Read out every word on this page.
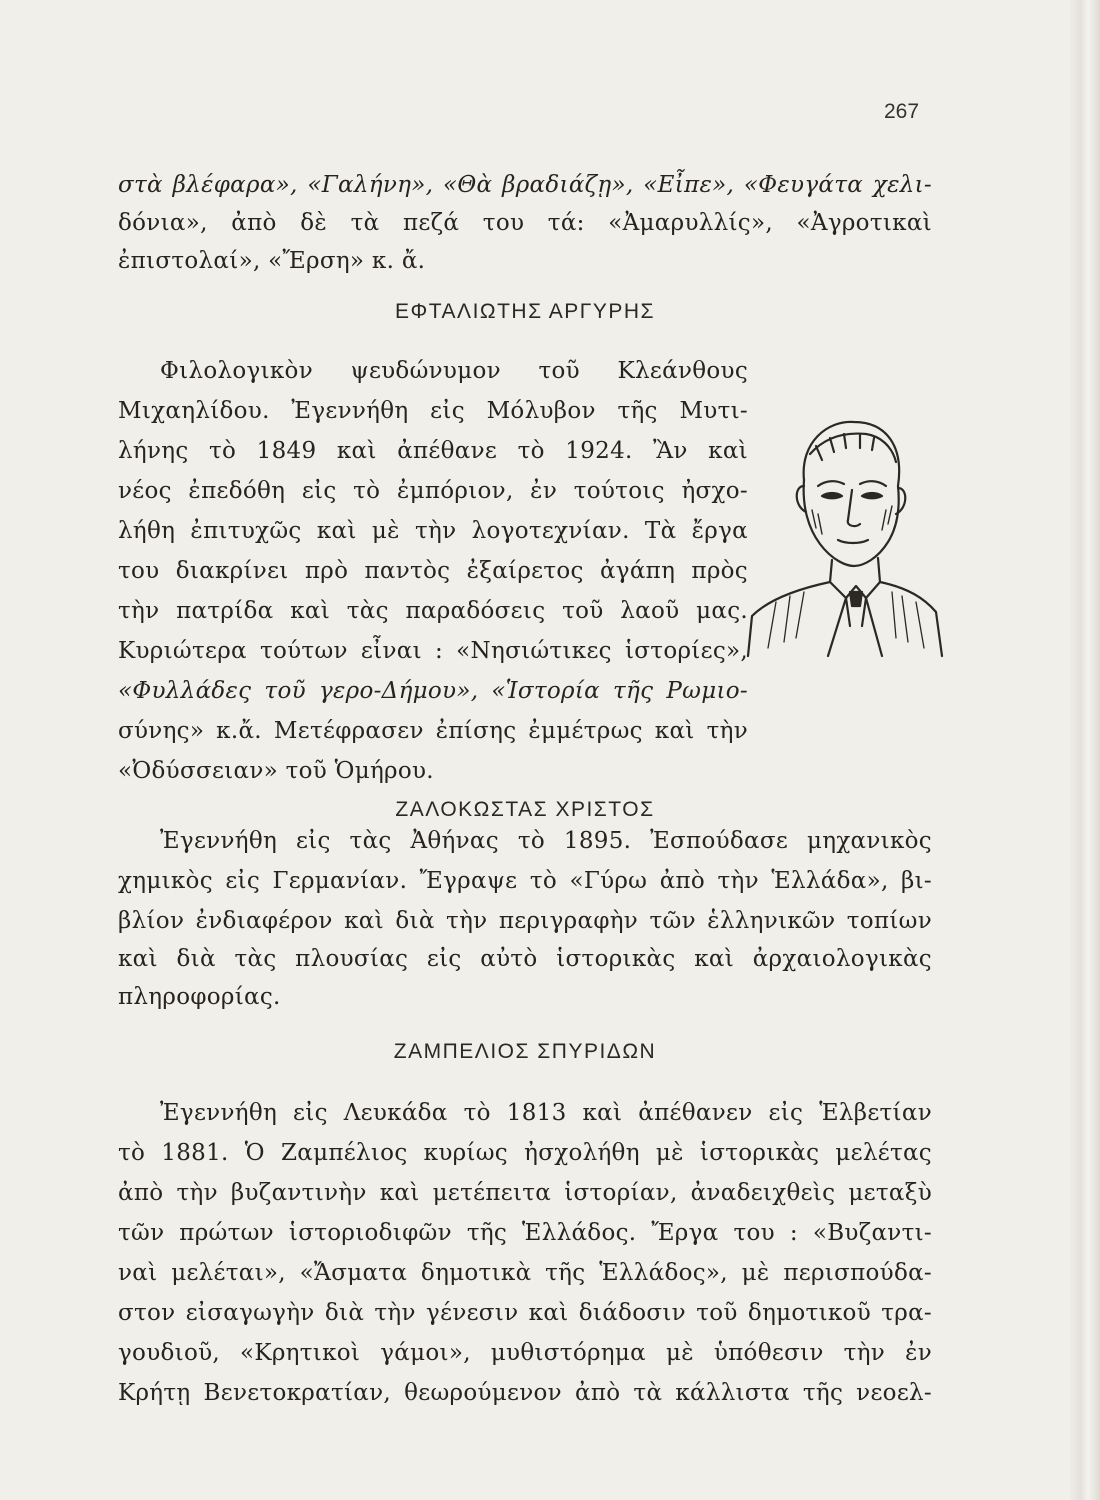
267
στὰ βλέφαρα», «Γαλήνη», «Θὰ βραδιάζῃ», «Εἶπε», «Φευγάτα χελι-
δόνια», ἀπὸ δὲ τὰ πεζά του τά: «Ἀμαρυλλίς», «Ἀγροτικαὶ
ἐπιστολαί», «Ἔρση» κ. ἄ.
ΕΦΤΑΛΙΩΤΗΣ ΑΡΓΥΡΗΣ
Φιλολογικὸν ψευδώνυμον τοῦ Κλεάνθους
Μιχαηλίδου. Ἐγεννήθη εἰς Μόλυβον τῆς Μυτι-
λήνης τὸ 1849 καὶ ἀπέθανε τὸ 1924. Ἂν καὶ
νέος ἐπεδόθη εἰς τὸ ἐμπόριον, ἐν τούτοις ἠσχο-
λήθη ἐπιτυχῶς καὶ μὲ τὴν λογοτεχνίαν. Τὰ ἔργα
του διακρίνει πρὸ παντὸς ἐξαίρετος ἀγάπη πρὸς
τὴν πατρίδα καὶ τὰς παραδόσεις τοῦ λαοῦ μας.
Κυριώτερα τούτων εἶναι : «Νησιώτικες ἱστορίες»,
«Φυλλάδες τοῦ γερο-Δήμου», «Ἱστορία τῆς Ρωμιο-
σύνης» κ.ἄ. Μετέφρασεν ἐπίσης ἐμμέτρως καὶ τὴν
«Ὀδύσσειαν» τοῦ Ὁμήρου.
ΖΑΛΟΚΩΣΤΑΣ ΧΡΙΣΤΟΣ
Ἐγεννήθη εἰς τὰς Ἀθήνας τὸ 1895. Ἐσπούδασε μηχανικὸς
χημικὸς εἰς Γερμανίαν. Ἔγραψε τὸ «Γύρω ἀπὸ τὴν Ἑλλάδα», βι-
βλίον ἐνδιαφέρον καὶ διὰ τὴν περιγραφὴν τῶν ἑλληνικῶν τοπίων
καὶ διὰ τὰς πλουσίας εἰς αὐτὸ ἱστορικὰς καὶ ἀρχαιολογικὰς
πληροφορίας.
ΖΑΜΠΕΛΙΟΣ ΣΠΥΡΙΔΩΝ
Ἐγεννήθη εἰς Λευκάδα τὸ 1813 καὶ ἀπέθανεν εἰς Ἑλβετίαν
τὸ 1881. Ὁ Ζαμπέλιος κυρίως ἠσχολήθη μὲ ἱστορικὰς μελέτας
ἀπὸ τὴν βυζαντινὴν καὶ μετέπειτα ἱστορίαν, ἀναδειχθεὶς μεταξὺ
τῶν πρώτων ἱστοριοδιφῶν τῆς Ἑλλάδος. Ἔργα του : «Βυζαντι-
ναὶ μελέται», «Ἄσματα δημοτικὰ τῆς Ἑλλάδος», μὲ περισπούδα-
στον εἰσαγωγὴν διὰ τὴν γένεσιν καὶ διάδοσιν τοῦ δημοτικοῦ τρα-
γουδιοῦ, «Κρητικοὶ γάμοι», μυθιστόρημα μὲ ὑπόθεσιν τὴν ἐν
Κρήτῃ Βενετοκρατίαν, θεωρούμενον ἀπὸ τὰ κάλλιστα τῆς νεοελ-
